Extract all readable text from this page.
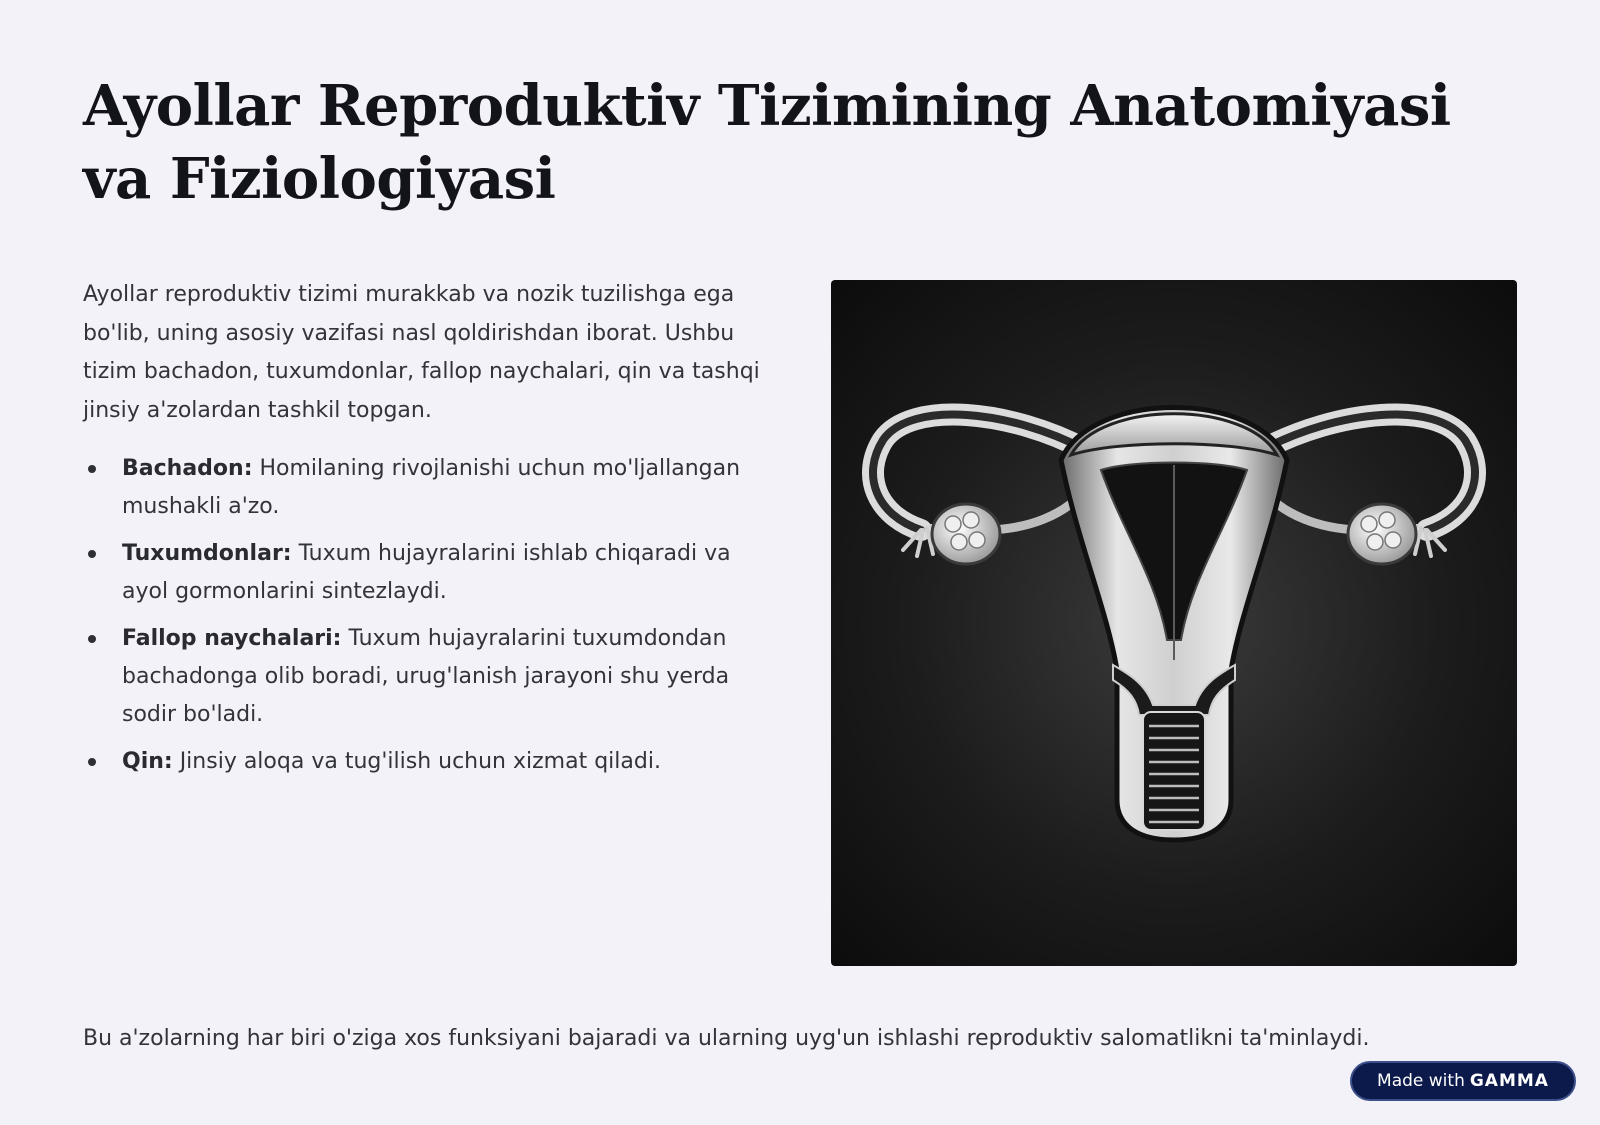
Ayollar Reproduktiv Tizimining Anatomiyasi va Fiziologiyasi

Ayollar reproduktiv tizimi murakkab va nozik tuzilishga ega bo'lib, uning asosiy vazifasi nasl qoldirishdan iborat. Ushbu tizim bachadon, tuxumdonlar, fallop naychalari, qin va tashqi jinsiy a'zolardan tashkil topgan.

Bachadon: Homilaning rivojlanishi uchun mo'ljallangan mushakli a'zo.
Tuxumdonlar: Tuxum hujayralarini ishlab chiqaradi va ayol gormonlarini sintezlaydi.
Fallop naychalari: Tuxum hujayralarini tuxumdondan bachadonga olib boradi, urug'lanish jarayoni shu yerda sodir bo'ladi.
Qin: Jinsiy aloqa va tug'ilish uchun xizmat qiladi.

Bu a'zolarning har biri o'ziga xos funksiyani bajaradi va ularning uyg'un ishlashi reproduktiv salomatlikni ta'minlaydi.

Made with GAMMA
